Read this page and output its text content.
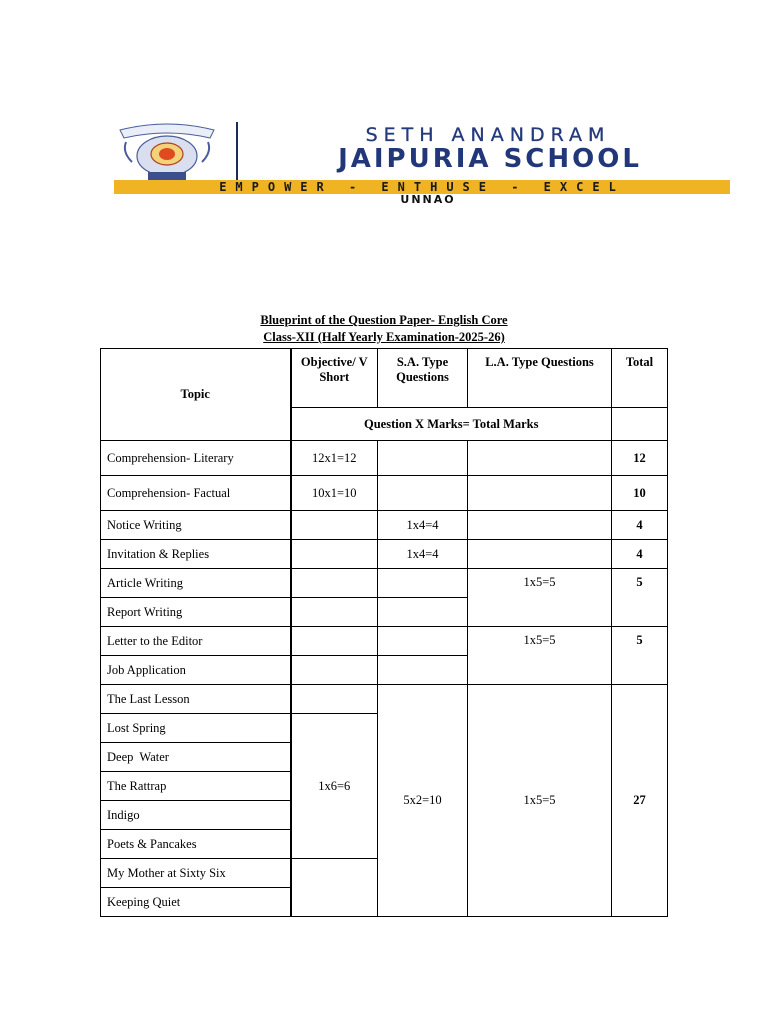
SETH ANANDRAM
JAIPURIA SCHOOL
EMPOWER - ENTHUSE - EXCEL
UNNAO
Blueprint of the Question Paper- English Core
Class-XII (Half Yearly Examination-2025-26)
Topic	Objective/ V Short	S.A. Type Questions	L.A. Type Questions	Total
	Question X Marks= Total Marks			
Comprehension- Literary	12x1=12			12
Comprehension- Factual	10x1=10			10
Notice Writing		1x4=4		4
Invitation & Replies		1x4=4		4
Article Writing			1x5=5	5
Report Writing				
Letter to the Editor			1x5=5	5
Job Application				
The Last Lesson		5x2=10	1x5=5	27
Lost Spring	1x6=6			
Deep  Water				
The Rattrap				
Indigo				
Poets & Pancakes				
My Mother at Sixty Six				
Keeping Quiet				
